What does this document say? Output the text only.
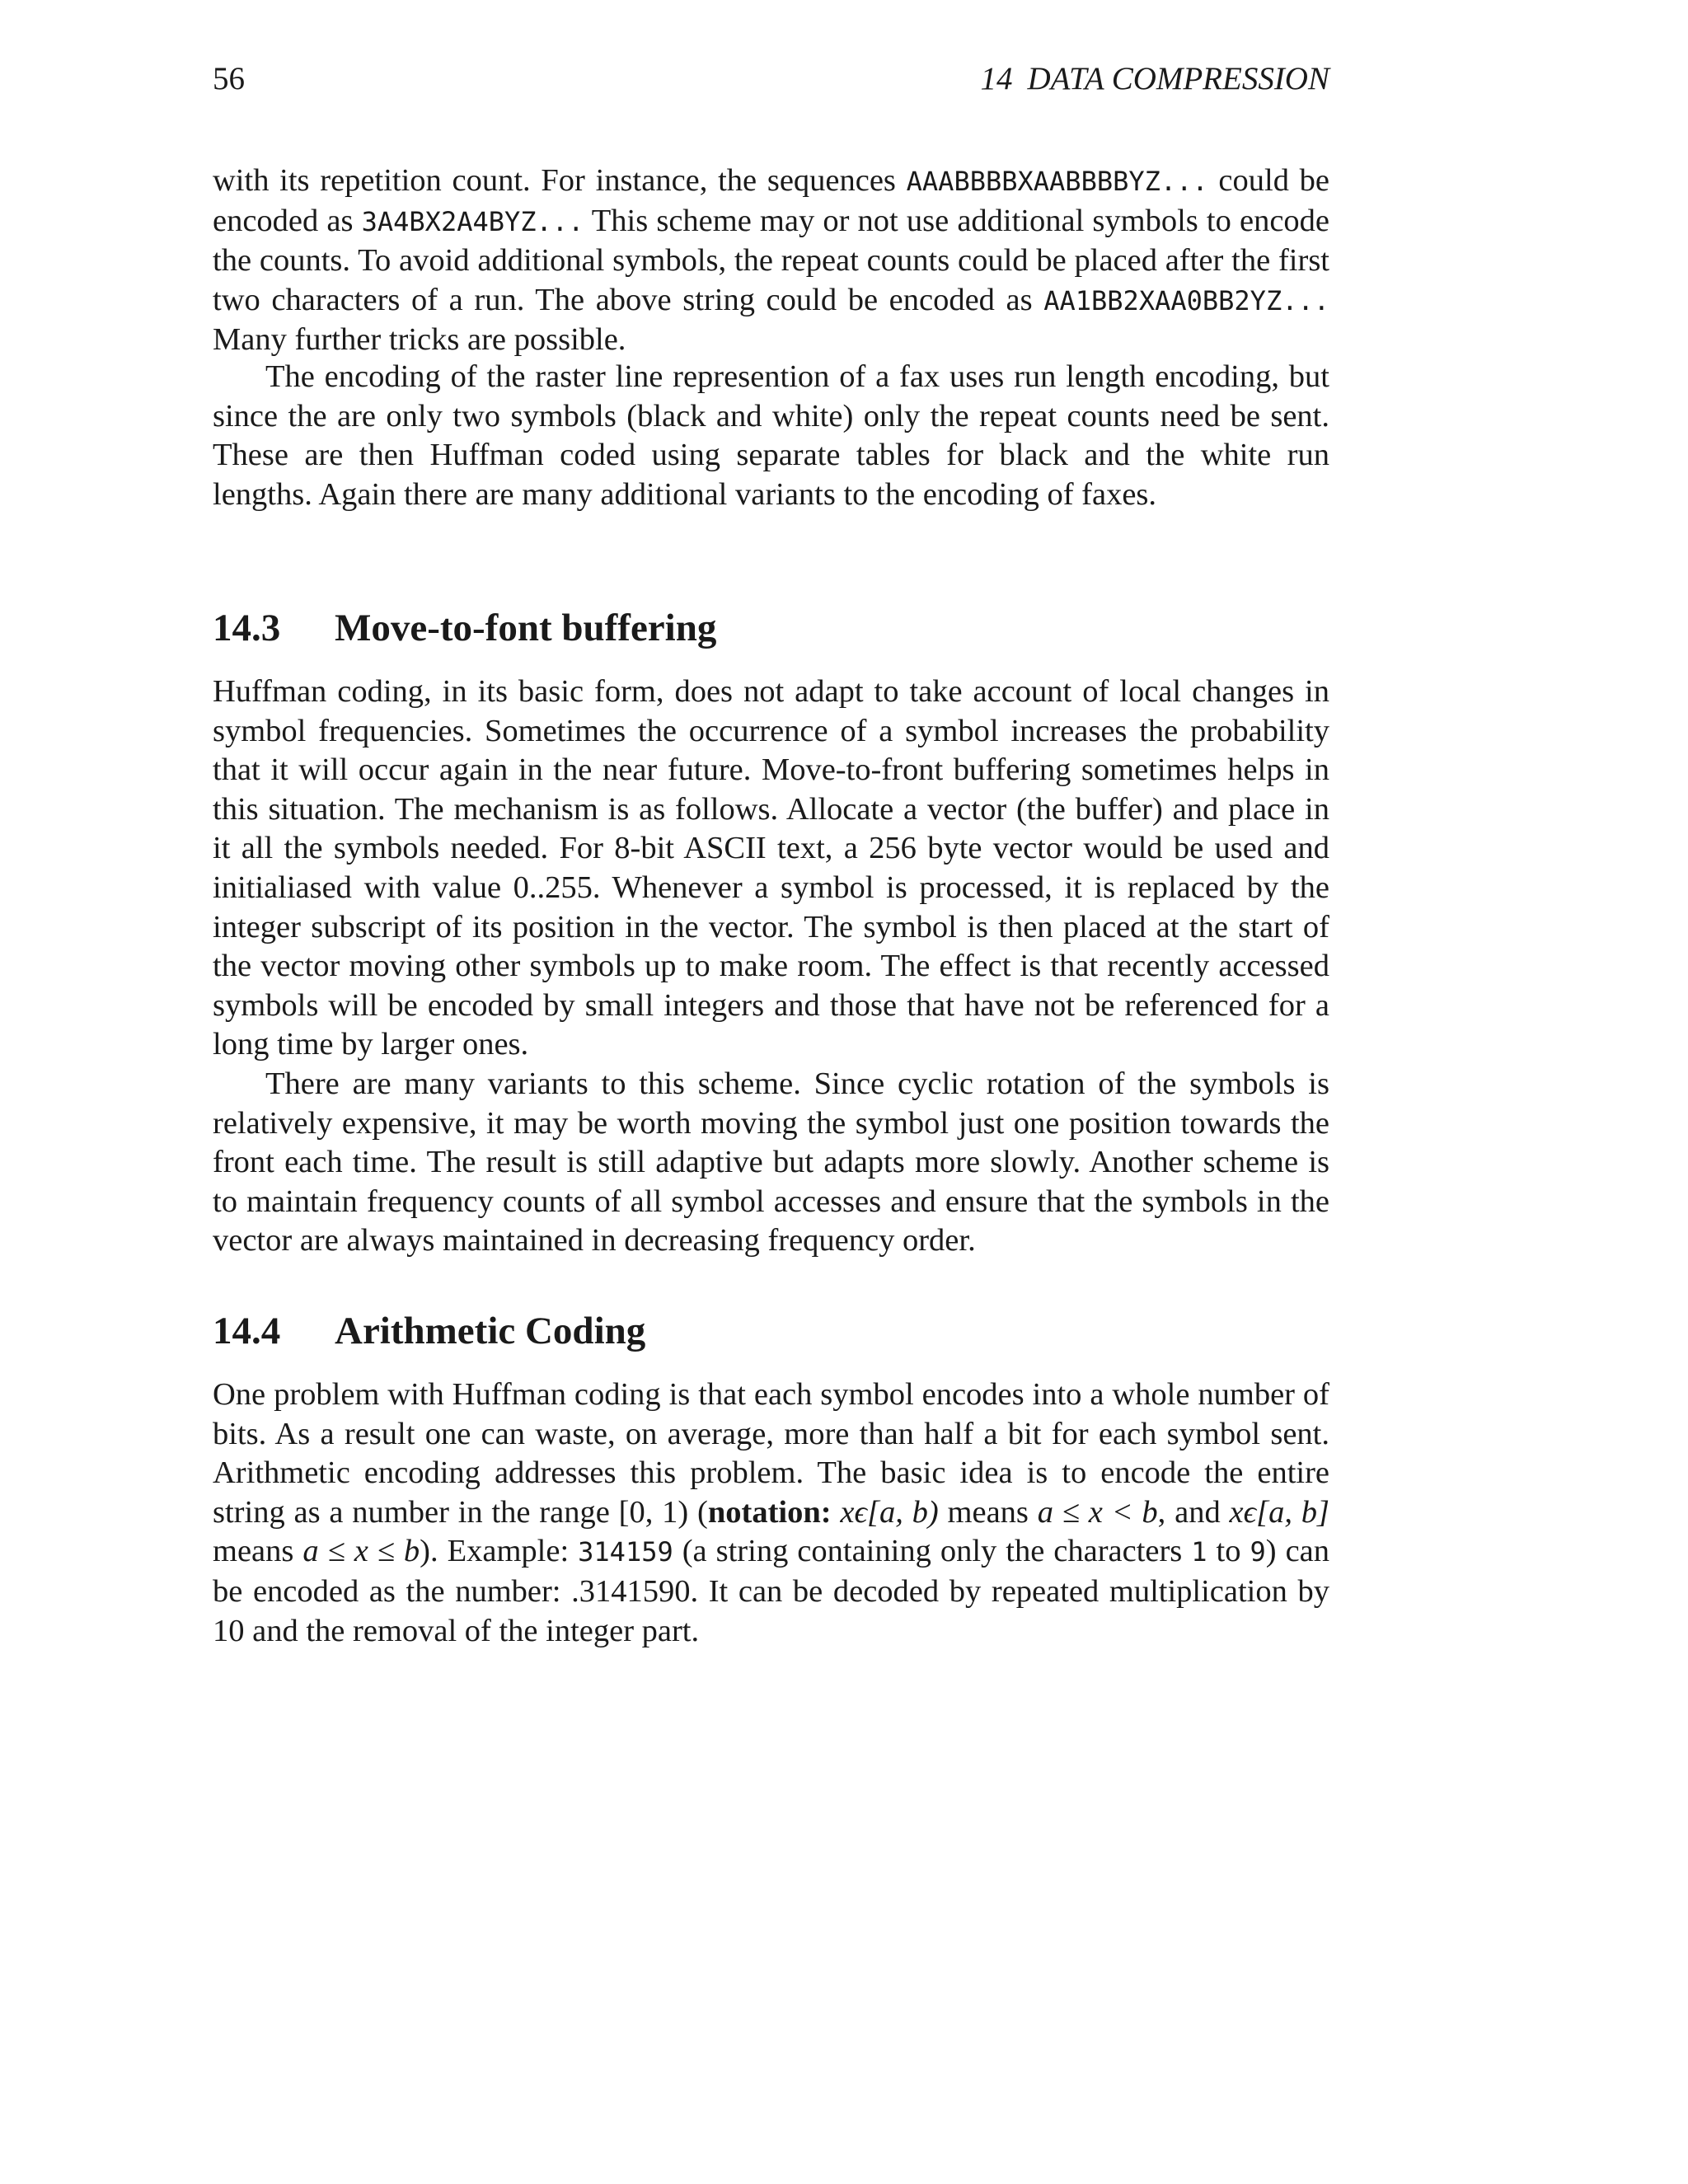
56	14 DATA COMPRESSION

with its repetition count. For instance, the sequences AAABBBBXAABBBBYZ... could be encoded as 3A4BX2A4BYZ... This scheme may or not use additional symbols to encode the counts. To avoid additional symbols, the repeat counts could be placed after the first two characters of a run. The above string could be encoded as AA1BB2XAA0BB2YZ... Many further tricks are possible.

The encoding of the raster line represention of a fax uses run length encoding, but since the are only two symbols (black and white) only the repeat counts need be sent. These are then Huffman coded using separate tables for black and the white run lengths. Again there are many additional variants to the encoding of faxes.

14.3 Move-to-font buffering

Huffman coding, in its basic form, does not adapt to take account of local changes in symbol frequencies. Sometimes the occurrence of a symbol increases the probability that it will occur again in the near future. Move-to-front buffering sometimes helps in this situation. The mechanism is as follows. Allocate a vector (the buffer) and place in it all the symbols needed. For 8-bit ASCII text, a 256 byte vector would be used and initialiased with value 0..255. Whenever a symbol is processed, it is replaced by the integer subscript of its position in the vector. The symbol is then placed at the start of the vector moving other symbols up to make room. The effect is that recently accessed symbols will be encoded by small integers and those that have not be referenced for a long time by larger ones.

There are many variants to this scheme. Since cyclic rotation of the symbols is relatively expensive, it may be worth moving the symbol just one position towards the front each time. The result is still adaptive but adapts more slowly. Another scheme is to maintain frequency counts of all symbol accesses and ensure that the symbols in the vector are always maintained in decreasing frequency order.

14.4 Arithmetic Coding

One problem with Huffman coding is that each symbol encodes into a whole number of bits. As a result one can waste, on average, more than half a bit for each symbol sent. Arithmetic encoding addresses this problem. The basic idea is to encode the entire string as a number in the range [0, 1) (notation: xϵ[a, b) means a ≤ x < b, and xϵ[a, b] means a ≤ x ≤ b). Example: 314159 (a string containing only the characters 1 to 9) can be encoded as the number: .3141590. It can be decoded by repeated multiplication by 10 and the removal of the integer part.
